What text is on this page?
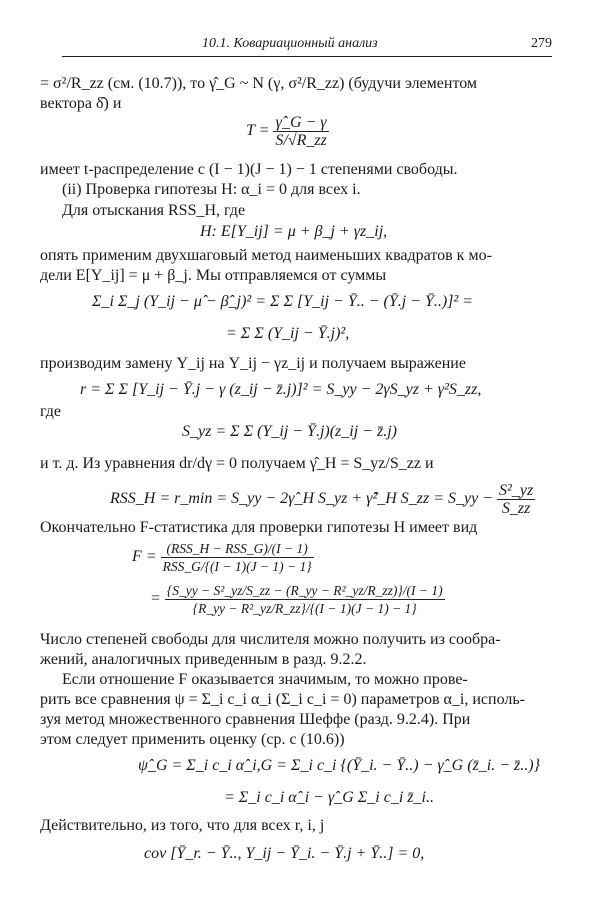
10.1. Ковариационный анализ	279
= σ²/R_zz (см. (10.7)), то γ̂_G ~ N (γ, σ²/R_zz) (будучи элементом
вектора δ̂) и
$T = \frac{\gammâ\_G - \gamma}{S/√R\_zz}$
имеет t-распределение с (I − 1)(J − 1) − 1 степенями свободы.
(ii) Проверка гипотезы H: α_i = 0 для всех i.
Для отыскания RSS_H, где
H: E[Y_ij] = μ + β_j + γz_ij,
опять применим двухшаговый метод наименьших квадратов к мо-
дели E[Y_ij] = μ + β_j. Мы отправляемся от суммы
Σ_i Σ_j (Y_ij − μ̂ − β̂_j)² = Σ Σ [Y_ij − Ȳ.. − (Ȳ.j − Ȳ..)]² =
= Σ Σ (Y_ij − Ȳ.j)²,
производим замену Y_ij на Y_ij − γz_ij и получаем выражение
r = Σ Σ [Y_ij − Ȳ.j − γ (z_ij − z̄.j)]² = S_yy − 2γS_yz + γ²S_zz,
где
S_yz = Σ Σ (Y_ij − Ȳ.j)(z_ij − z̄.j)
и т. д. Из уравнения dr/dγ = 0 получаем γ̂_H = S_yz/S_zz и
RSS_H = r_min = S_yy − 2γ̂_H S_yz + γ̂²_H S_zz = S_yy − $\frac{\text{S²\_yz}}{S\_zz}$
Окончательно F-статистика для проверки гипотезы H имеет вид
$F = \frac{\text{(RSS\_H − RSS\_G)/(I − 1)}}{\text{RSS\_G/\{(I − 1)(J − 1) − 1\}}}$
= $\frac{\text{\{S\_yy − S²\_yz/S\_zz − (R\_yy − R²\_yz/R\_zz)\}/(I − 1)}}{\text{\{R\_yy − R²\_yz/R\_zz\}/\{(I − 1)(J − 1) − 1\}}}$
Число степеней свободы для числителя можно получить из сообра-
жений, аналогичных приведенным в разд. 9.2.2.
Если отношение F оказывается значимым, то можно прове-
рить все сравнения ψ = Σ_i c_i α_i (Σ_i c_i = 0) параметров α_i, исполь-
зуя метод множественного сравнения Шеффе (разд. 9.2.4). При
этом следует применить оценку (ср. с (10.6))
ψ̂_G = Σ_i c_i α̂_i,G = Σ_i c_i {(Ȳ_i. − Ȳ..) − γ̂_G (z̄_i. − z̄..)}
= Σ_i c_i α̂_i − γ̂_G Σ_i c_i z̄_i..
Действительно, из того, что для всех r, i, j
cov [Ȳ_r. − Ȳ.., Y_ij − Ȳ_i. − Ȳ.j + Ȳ..] = 0,
